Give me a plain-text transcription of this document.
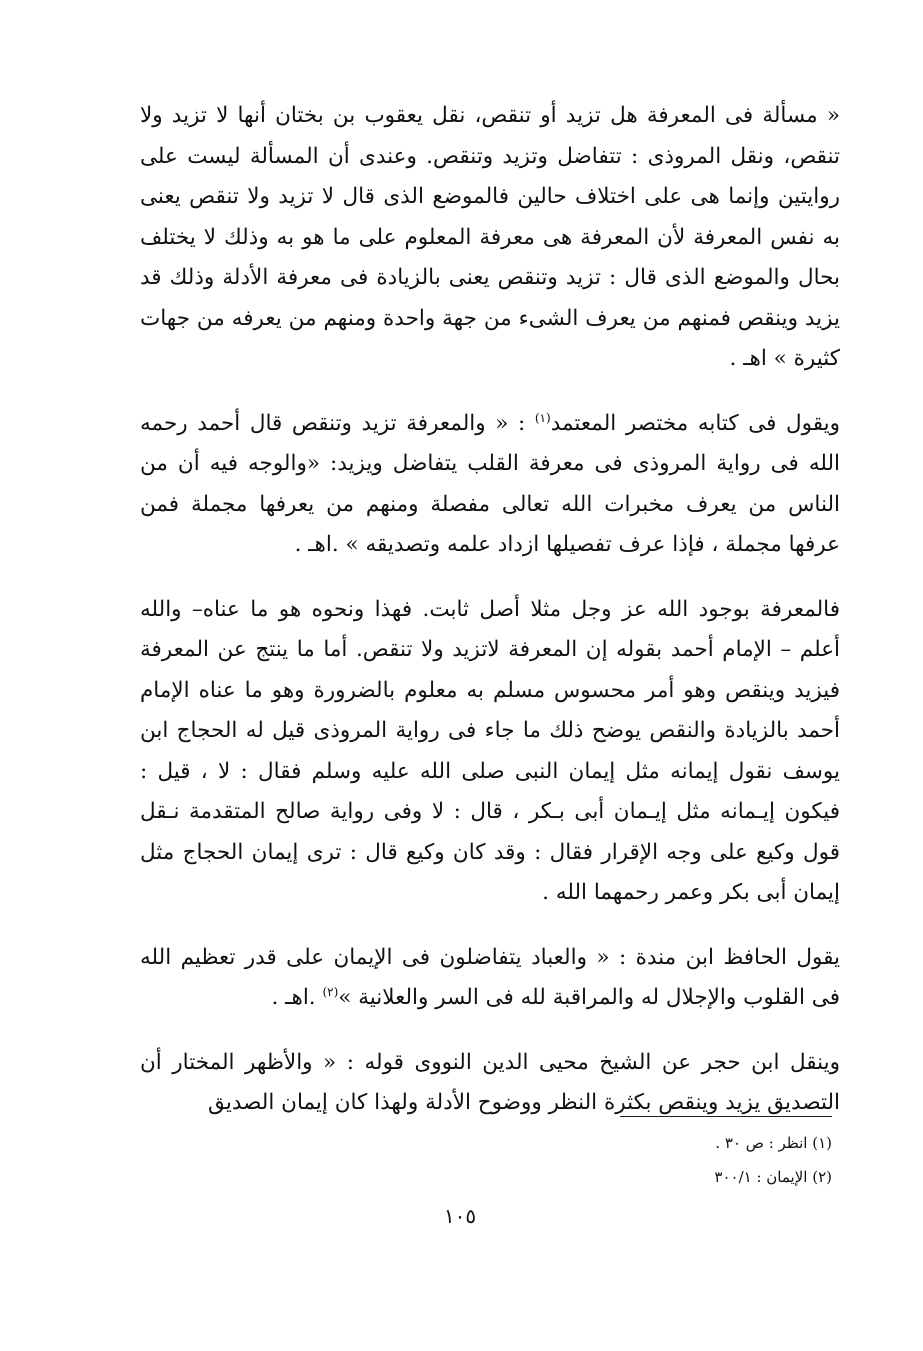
« مسألة فى المعرفة هل تزيد أو تنقص، نقل يعقوب بن بختان أنها لا تزيد ولا تنقص، ونقل المروذى : تتفاضل وتزيد وتنقص. وعندى أن المسألة ليست على روايتين وإنما هى على اختلاف حالين فالموضع الذى قال لا تزيد ولا تنقص يعنى به نفس المعرفة لأن المعرفة هى معرفة المعلوم على ما هو به وذلك لا يختلف بحال والموضع الذى قال : تزيد وتنقص يعنى بالزيادة فى معرفة الأدلة وذلك قد يزيد وينقص فمنهم من يعرف الشىء من جهة واحدة ومنهم من يعرفه من جهات كثيرة » اهـ .

ويقول فى كتابه مختصر المعتمد$^{(١)}$ : « والمعرفة تزيد وتنقص قال أحمد رحمه الله فى رواية المروذى فى معرفة القلب يتفاضل ويزيد: «والوجه فيه أن من الناس من يعرف مخبرات الله تعالى مفصلة ومنهم من يعرفها مجملة فمن عرفها مجملة ، فإذا عرف تفصيلها ازداد علمه وتصديقه » .اهـ .

فالمعرفة بوجود الله عز وجل مثلا أصل ثابت. فهذا ونحوه هو ما عناه– والله أعلم – الإمام أحمد بقوله إن المعرفة لاتزيد ولا تنقص. أما ما ينتج عن المعرفة فيزيد وينقص وهو أمر محسوس مسلم به معلوم بالضرورة وهو ما عناه الإمام أحمد بالزيادة والنقص يوضح ذلك ما جاء فى رواية المروذى قيل له الحجاج ابن يوسف نقول إيمانه مثل إيمان النبى صلى الله عليه وسلم فقال : لا ، قيل : فيكون إيـمانه مثل إيـمان أبى بـكر ، قال : لا وفى رواية صالح المتقدمة نـقل قول وكيع على وجه الإقرار فقال : وقد كان وكيع قال : ترى إيمان الحجاج مثل إيمان أبى بكر وعمر رحمهما الله .

يقول الحافظ ابن مندة : « والعباد يتفاضلون فى الإيمان على قدر تعظيم الله فى القلوب والإجلال له والمراقبة لله فى السر والعلانية »$^{(٢)}$ .اهـ .

وينقل ابن حجر عن الشيخ محيى الدين النووى قوله : « والأظهر المختار أن التصديق يزيد وينقص بكثرة النظر ووضوح الأدلة ولهذا كان إيمان الصديق

(١) انظر : ص ٣٠ .
(٢) الإيمان : ٣٠٠/١
١٠٥
